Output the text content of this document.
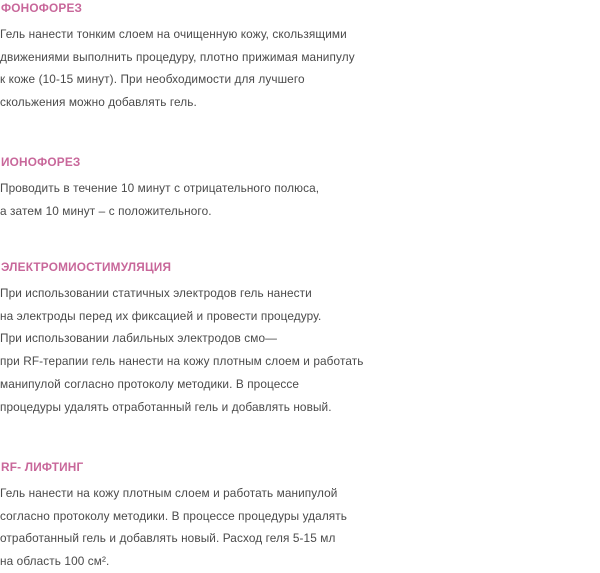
ФОНОФОРЕЗ
Гель нанести тонким слоем на очищенную кожу, скользящими
движениями выполнить процедуру, плотно прижимая манипулу
к коже (10-15 минут). При необходимости для лучшего
скольжения можно добавлять гель.
ИОНОФОРЕЗ
Проводить в течение 10 минут с отрицательного полюса,
а затем 10 минут – с положительного.
ЭЛЕКТРОМИОСТИМУЛЯЦИЯ
При использовании статичных электродов гель нанести
на электроды перед их фиксацией и провести процедуру.
При использовании лабильных электродов смо—
при RF-терапии гель нанести на кожу плотным слоем и работать
манипулой согласно протоколу методики. В процессе
процедуры удалять отработанный гель и добавлять новый.
RF- ЛИФТИНГ
Гель нанести на кожу плотным слоем и работать манипулой
согласно протоколу методики. В процессе процедуры удалять
отработанный гель и добавлять новый. Расход геля 5-15 мл
на область 100 см².
